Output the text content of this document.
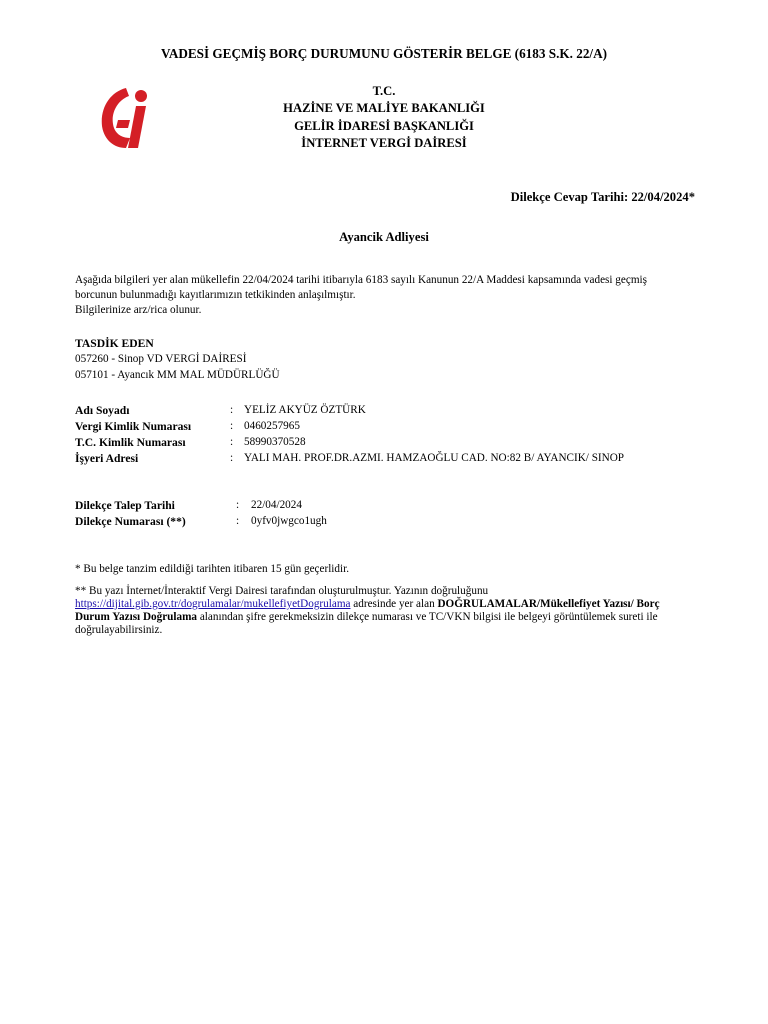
VADESİ GEÇMİŞ BORÇ DURUMUNU GÖSTERİR BELGE (6183 S.K. 22/A)
T.C.
HAZİNE VE MALİYE BAKANLIĞI
GELİR İDARESİ BAŞKANLIĞI
İNTERNET VERGİ DAİRESİ
Dilekçe Cevap Tarihi: 22/04/2024*
Ayancik Adliyesi
Aşağıda bilgileri yer alan mükellefin 22/04/2024 tarihi itibarıyla 6183 sayılı Kanunun 22/A Maddesi kapsamında vadesi geçmiş
borcunun bulunmadığı kayıtlarımızın tetkikinden anlaşılmıştır.
Bilgilerinize arz/rica olunur.
TASDİK EDEN
057260 - Sinop VD VERGİ DAİRESİ
057101 - Ayancık MM MAL MÜDÜRLÜĞÜ
Adı Soyadı	: YELİZ AKYÜZ ÖZTÜRK
Vergi Kimlik Numarası	: 0460257965
T.C. Kimlik Numarası	: 58990370528
İşyeri Adresi	: YALI MAH. PROF.DR.AZMI. HAMZAOĞLU CAD. NO:82 B/ AYANCIK/ SINOP
Dilekçe Talep Tarihi	: 22/04/2024
Dilekçe Numarası (**)	: 0yfv0jwgco1ugh
* Bu belge tanzim edildiği tarihten itibaren 15 gün geçerlidir.
** Bu yazı İnternet/İnteraktif Vergi Dairesi tarafından oluşturulmuştur. Yazının doğruluğunu
https://dijital.gib.gov.tr/dogrulamalar/mukellefiyetDogrulama adresinde yer alan DOĞRULAMALAR/Mükellefiyet Yazısı/ Borç Durum Yazısı Doğrulama alanından şifre gerekmeksizin dilekçe numarası ve TC/VKN bilgisi ile belgeyi görüntülemek sureti ile doğrulayabilirsiniz.
